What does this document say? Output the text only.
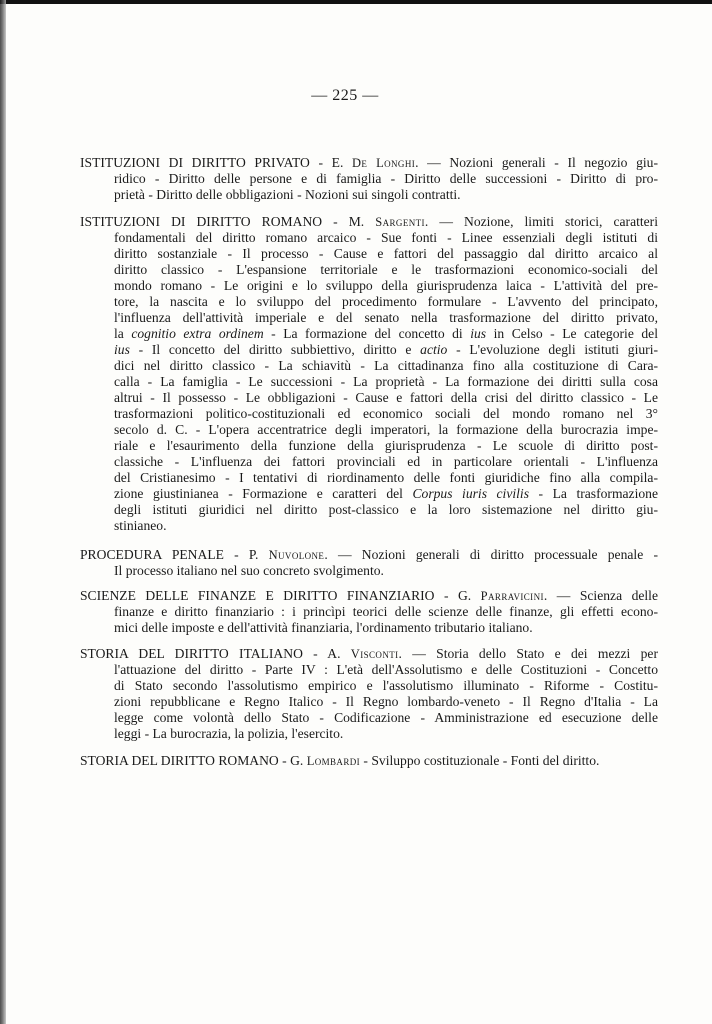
— 225 —
ISTITUZIONI DI DIRITTO PRIVATO - E. De Longhi. — Nozioni generali - Il negozio giu-
ridico - Diritto delle persone e di famiglia - Diritto delle successioni - Diritto di pro-
prietà - Diritto delle obbligazioni - Nozioni sui singoli contratti.
ISTITUZIONI DI DIRITTO ROMANO - M. Sargenti. — Nozione, limiti storici, caratteri
fondamentali del diritto romano arcaico - Sue fonti - Linee essenziali degli istituti di
diritto sostanziale - Il processo - Cause e fattori del passaggio dal diritto arcaico al
diritto classico - L'espansione territoriale e le trasformazioni economico-sociali del
mondo romano - Le origini e lo sviluppo della giurisprudenza laica - L'attività del pre-
tore, la nascita e lo sviluppo del procedimento formulare - L'avvento del principato,
l'influenza dell'attività imperiale e del senato nella trasformazione del diritto privato,
la cognitio extra ordinem - La formazione del concetto di ius in Celso - Le categorie del
ius - Il concetto del diritto subbiettivo, diritto e actio - L'evoluzione degli istituti giuri-
dici nel diritto classico - La schiavitù - La cittadinanza fino alla costituzione di Cara-
calla - La famiglia - Le successioni - La proprietà - La formazione dei diritti sulla cosa
altrui - Il possesso - Le obbligazioni - Cause e fattori della crisi del diritto classico - Le
trasformazioni politico-costituzionali ed economico sociali del mondo romano nel 3°
secolo d. C. - L'opera accentratrice degli imperatori, la formazione della burocrazia impe-
riale e l'esaurimento della funzione della giurisprudenza - Le scuole di diritto post-
classiche - L'influenza dei fattori provinciali ed in particolare orientali - L'influenza
del Cristianesimo - I tentativi di riordinamento delle fonti giuridiche fino alla compila-
zione giustinianea - Formazione e caratteri del Corpus iuris civilis - La trasformazione
degli istituti giuridici nel diritto post-classico e la loro sistemazione nel diritto giu-
stinianeo.
PROCEDURA PENALE - P. Nuvolone. — Nozioni generali di diritto processuale penale -
Il processo italiano nel suo concreto svolgimento.
SCIENZE DELLE FINANZE E DIRITTO FINANZIARIO - G. Parravicini. — Scienza delle
finanze e diritto finanziario : i princìpi teorici delle scienze delle finanze, gli effetti econo-
mici delle imposte e dell'attività finanziaria, l'ordinamento tributario italiano.
STORIA DEL DIRITTO ITALIANO - A. Visconti. — Storia dello Stato e dei mezzi per
l'attuazione del diritto - Parte IV : L'età dell'Assolutismo e delle Costituzioni - Concetto
di Stato secondo l'assolutismo empirico e l'assolutismo illuminato - Riforme - Costitu-
zioni repubblicane e Regno Italico - Il Regno lombardo-veneto - Il Regno d'Italia - La
legge come volontà dello Stato - Codificazione - Amministrazione ed esecuzione delle
leggi - La burocrazia, la polizia, l'esercito.
STORIA DEL DIRITTO ROMANO - G. Lombardi - Sviluppo costituzionale - Fonti del diritto.
